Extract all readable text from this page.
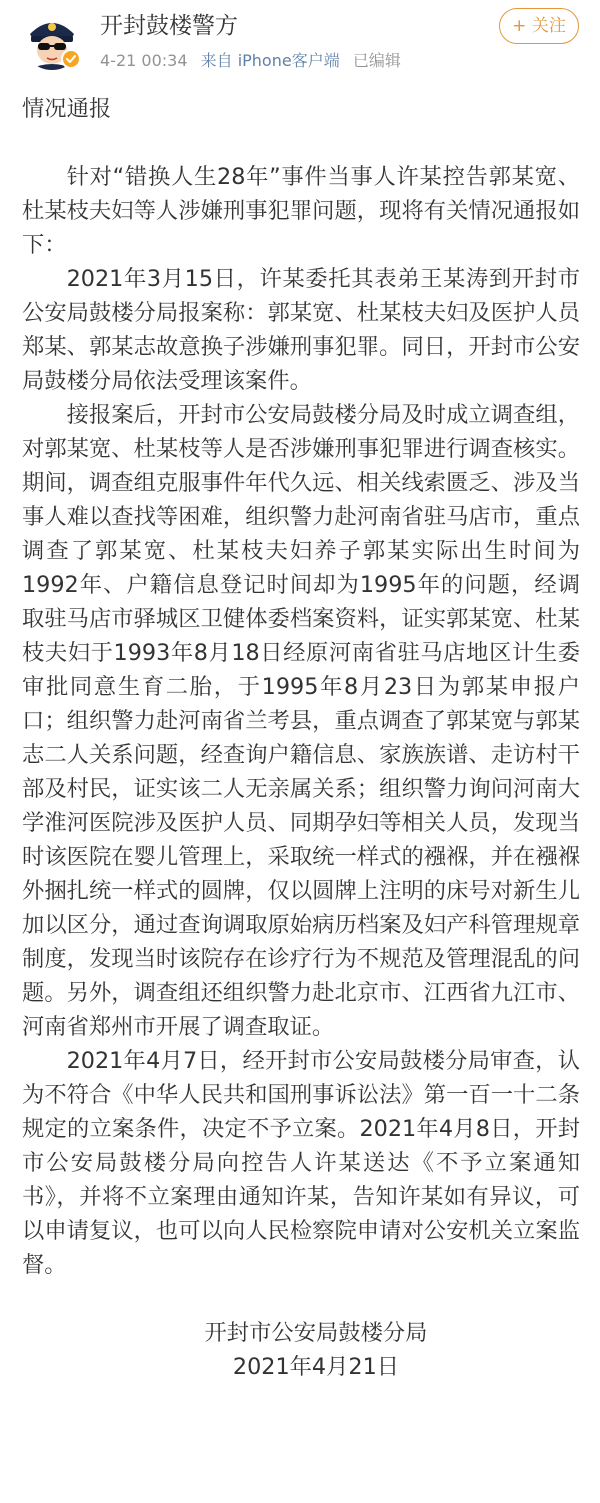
开封鼓楼警方
4-21 00:34 来自 iPhone客户端 已编辑
+ 关注
情况通报

针对“错换人生28年”事件当事人许某控告郭某宽、杜某枝夫妇等人涉嫌刑事犯罪问题，现将有关情况通报如下：

2021年3月15日，许某委托其表弟王某涛到开封市公安局鼓楼分局报案称：郭某宽、杜某枝夫妇及医护人员郑某、郭某志故意换子涉嫌刑事犯罪。同日，开封市公安局鼓楼分局依法受理该案件。

接报案后，开封市公安局鼓楼分局及时成立调查组，对郭某宽、杜某枝等人是否涉嫌刑事犯罪进行调查核实。期间，调查组克服事件年代久远、相关线索匮乏、涉及当事人难以查找等困难，组织警力赴河南省驻马店市，重点调查了郭某宽、杜某枝夫妇养子郭某实际出生时间为1992年、户籍信息登记时间却为1995年的问题，经调取驻马店市驿城区卫健体委档案资料，证实郭某宽、杜某枝夫妇于1993年8月18日经原河南省驻马店地区计生委审批同意生育二胎，于1995年8月23日为郭某申报户口；组织警力赴河南省兰考县，重点调查了郭某宽与郭某志二人关系问题，经查询户籍信息、家族族谱、走访村干部及村民，证实该二人无亲属关系；组织警力询问河南大学淮河医院涉及医护人员、同期孕妇等相关人员，发现当时该医院在婴儿管理上，采取统一样式的襁褓，并在襁褓外捆扎统一样式的圆牌，仅以圆牌上注明的床号对新生儿加以区分，通过查询调取原始病历档案及妇产科管理规章制度，发现当时该院存在诊疗行为不规范及管理混乱的问题。另外，调查组还组织警力赴北京市、江西省九江市、河南省郑州市开展了调查取证。

2021年4月7日，经开封市公安局鼓楼分局审查，认为不符合《中华人民共和国刑事诉讼法》第一百一十二条规定的立案条件，决定不予立案。2021年4月8日，开封市公安局鼓楼分局向控告人许某送达《不予立案通知书》，并将不立案理由通知许某，告知许某如有异议，可以申请复议，也可以向人民检察院申请对公安机关立案监督。

开封市公安局鼓楼分局
2021年4月21日
